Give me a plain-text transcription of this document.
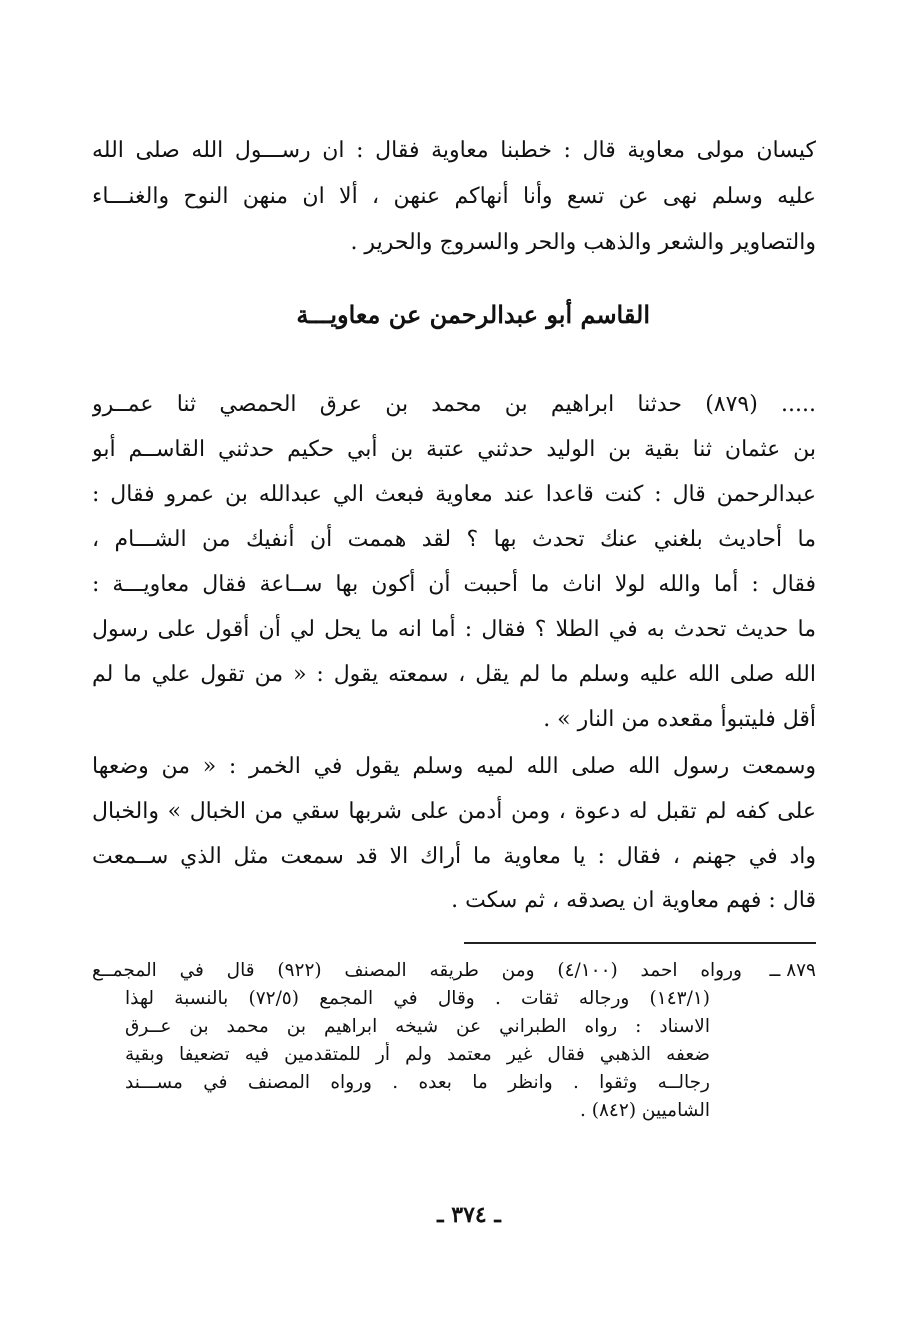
كيسان مولى معاوية قال : خطبنا معاوية فقال : ان رســـول الله صلى الله
عليه وسلم نهى عن تسع وأنا أنهاكم عنهن ، ألا ان منهن النوح والغنـــاء
والتصاوير والشعر والذهب والحر والسروج والحرير .
القاسم أبو عبدالرحمن عن معاويـــة
..... (٨٧٩) حدثنا ابراهيم بن محمد بن عرق الحمصي ثنا عمــرو
بن عثمان ثنا بقية بن الوليد حدثني عتبة بن أبي حكيم حدثني القاســم أبو
عبدالرحمن قال : كنت قاعدا عند معاوية فبعث الي عبدالله بن عمرو فقال :
ما أحاديث بلغني عنك تحدث بها ؟ لقد هممت أن أنفيك من الشـــام ،
فقال : أما والله لولا اناث ما أحببت أن أكون بها ســاعة فقال معاويـــة :
ما حديث تحدث به في الطلا ؟ فقال : أما انه ما يحل لي أن أقول على رسول
الله صلى الله عليه وسلم ما لم يقل ، سمعته يقول : « من تقول علي ما لم
أقل فليتبوأ مقعده من النار » .
وسمعت رسول الله صلى الله لميه وسلم يقول في الخمر : « من وضعها
على كفه لم تقبل له دعوة ، ومن أدمن على شربها سقي من الخبال » والخبال
واد في جهنم ، فقال : يا معاوية ما أراك الا قد سمعت مثل الذي ســمعت
قال : فهم معاوية ان يصدقه ، ثم سكت .
٨٧٩ ــ
ورواه احمد (٤/١٠٠) ومن طريقه المصنف (٩٢٢) قال في المجمــع
(١٤٣/١) ورجاله ثقات . وقال في المجمع (٧٢/٥) بالنسبة لهذا
الاسناد : رواه الطبراني عن شيخه ابراهيم بن محمد بن عــرق
ضعفه الذهبي فقال غير معتمد ولم أر للمتقدمين فيه تضعيفا وبقية
رجالــه وثقوا . وانظر ما بعده . ورواه المصنف في مســـند
الشاميين (٨٤٢) .
ـ ٣٧٤ ـ
